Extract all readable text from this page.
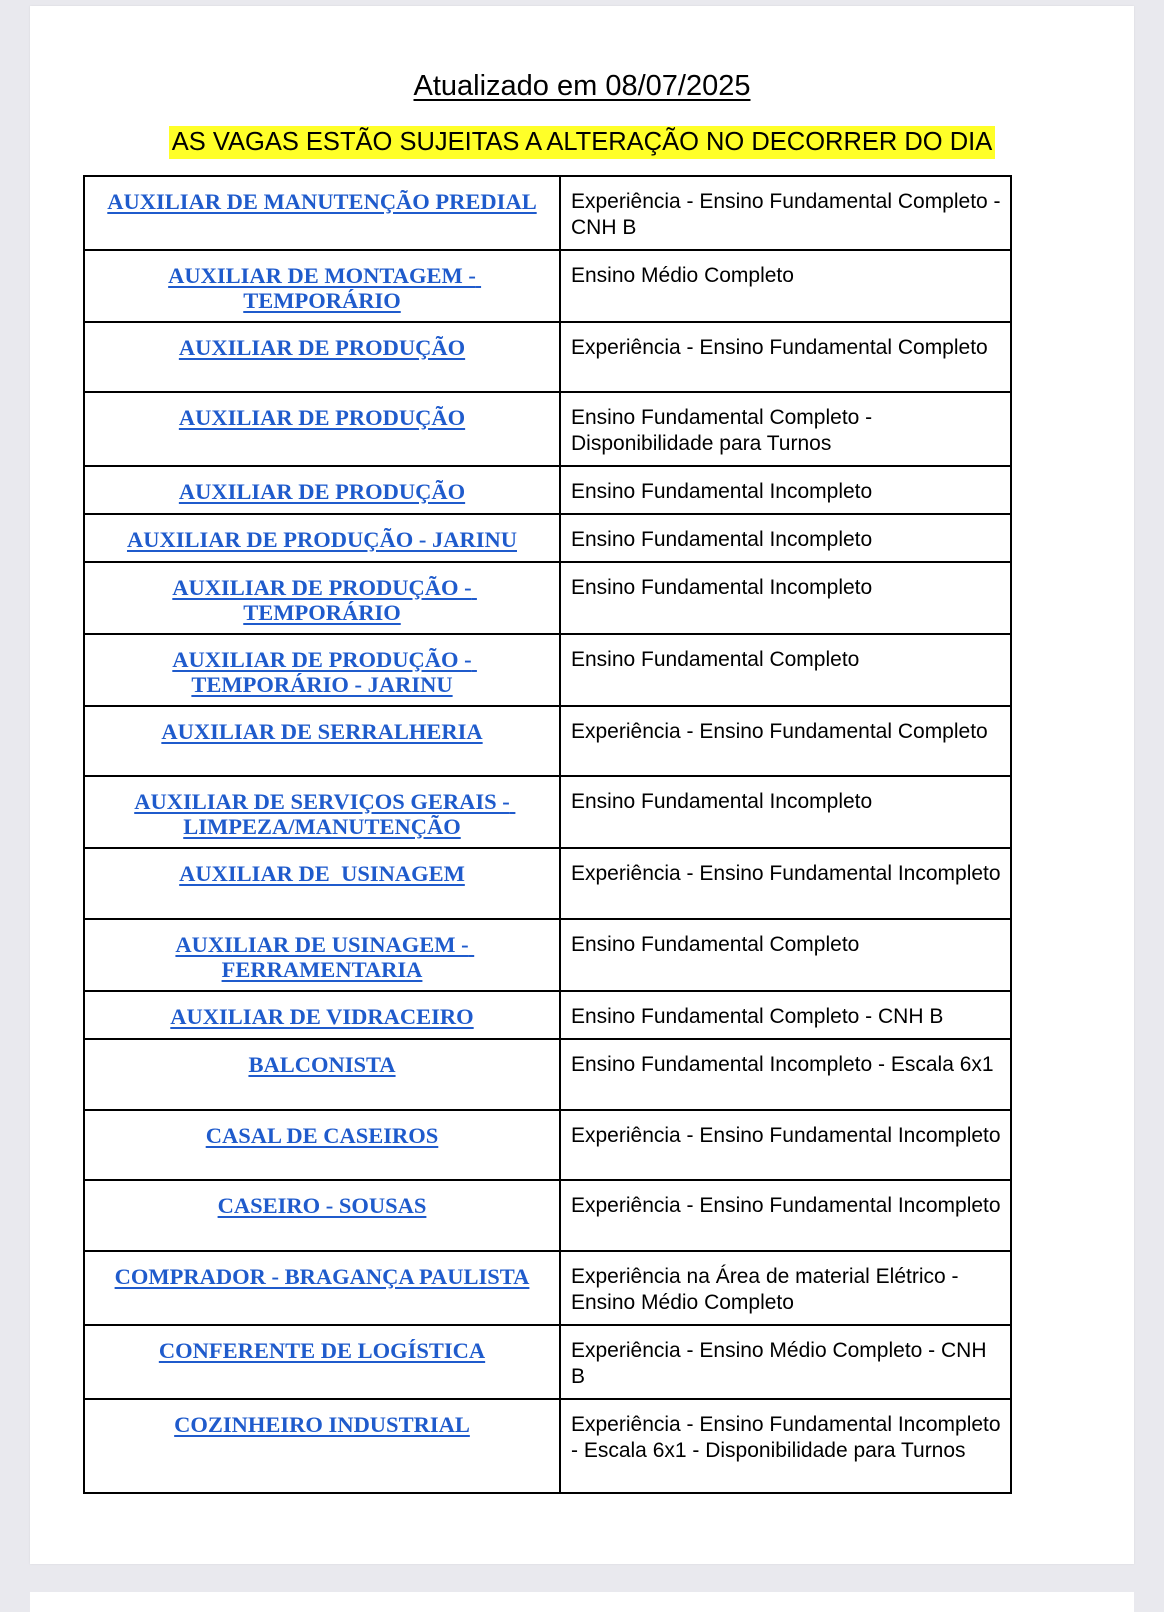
Atualizado em 08/07/2025
AS VAGAS ESTÃO SUJEITAS A ALTERAÇÃO NO DECORRER DO DIA
AUXILIAR DE MANUTENÇÃO PREDIAL	Experiência - Ensino Fundamental Completo - CNH B
AUXILIAR DE MONTAGEM - TEMPORÁRIO	Ensino Médio Completo
AUXILIAR DE PRODUÇÃO	Experiência - Ensino Fundamental Completo
AUXILIAR DE PRODUÇÃO	Ensino Fundamental Completo - Disponibilidade para Turnos
AUXILIAR DE PRODUÇÃO	Ensino Fundamental Incompleto
AUXILIAR DE PRODUÇÃO - JARINU	Ensino Fundamental Incompleto
AUXILIAR DE PRODUÇÃO - TEMPORÁRIO	Ensino Fundamental Incompleto
AUXILIAR DE PRODUÇÃO - TEMPORÁRIO - JARINU	Ensino Fundamental Completo
AUXILIAR DE SERRALHERIA	Experiência - Ensino Fundamental Completo
AUXILIAR DE SERVIÇOS GERAIS - LIMPEZA/MANUTENÇÃO	Ensino Fundamental Incompleto
AUXILIAR DE  USINAGEM	Experiência - Ensino Fundamental Incompleto
AUXILIAR DE USINAGEM - FERRAMENTARIA	Ensino Fundamental Completo
AUXILIAR DE VIDRACEIRO	Ensino Fundamental Completo - CNH B
BALCONISTA	Ensino Fundamental Incompleto - Escala 6x1
CASAL DE CASEIROS	Experiência - Ensino Fundamental Incompleto
CASEIRO - SOUSAS	Experiência - Ensino Fundamental Incompleto
COMPRADOR - BRAGANÇA PAULISTA	Experiência na Área de material Elétrico - Ensino Médio Completo
CONFERENTE DE LOGÍSTICA	Experiência - Ensino Médio Completo - CNH B
COZINHEIRO INDUSTRIAL	Experiência - Ensino Fundamental Incompleto - Escala 6x1 - Disponibilidade para Turnos
